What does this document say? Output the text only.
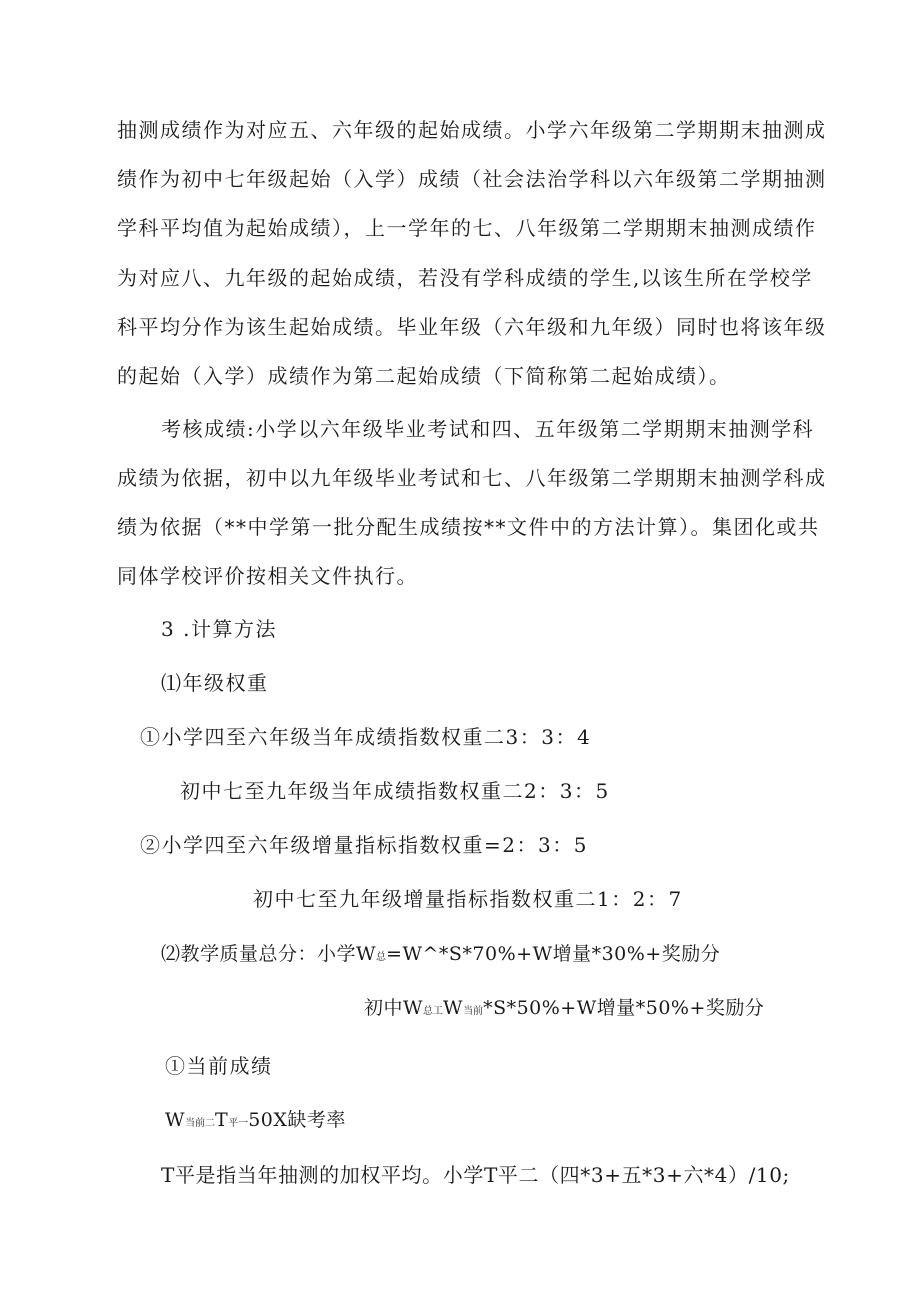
抽测成绩作为对应五、六年级的起始成绩。小学六年级第二学期期末抽测成
绩作为初中七年级起始（入学）成绩（社会法治学科以六年级第二学期抽测
学科平均值为起始成绩），上一学年的七、八年级第二学期期末抽测成绩作
为对应八、九年级的起始成绩，若没有学科成绩的学生,以该生所在学校学
科平均分作为该生起始成绩。毕业年级（六年级和九年级）同时也将该年级
的起始（入学）成绩作为第二起始成绩（下简称第二起始成绩）。
考核成绩:小学以六年级毕业考试和四、五年级第二学期期末抽测学科
成绩为依据，初中以九年级毕业考试和七、八年级第二学期期末抽测学科成
绩为依据（**中学第一批分配生成绩按**文件中的方法计算）。集团化或共
同体学校评价按相关文件执行。
3 .计算方法
⑴年级权重
①小学四至六年级当年成绩指数权重二3：3：4
初中七至九年级当年成绩指数权重二2：3：5
②小学四至六年级增量指标指数权重=2：3：5
初中七至九年级增量指标指数权重二1：2：7
⑵教学质量总分：小学W总=W^*S*70%+W增量*30%+奖励分
初中W总工W当前*S*50%+W增量*50%+奖励分
①当前成绩
W当前二T平一50X缺考率
T平是指当年抽测的加权平均。小学T平二（四*3+五*3+六*4）/10;
